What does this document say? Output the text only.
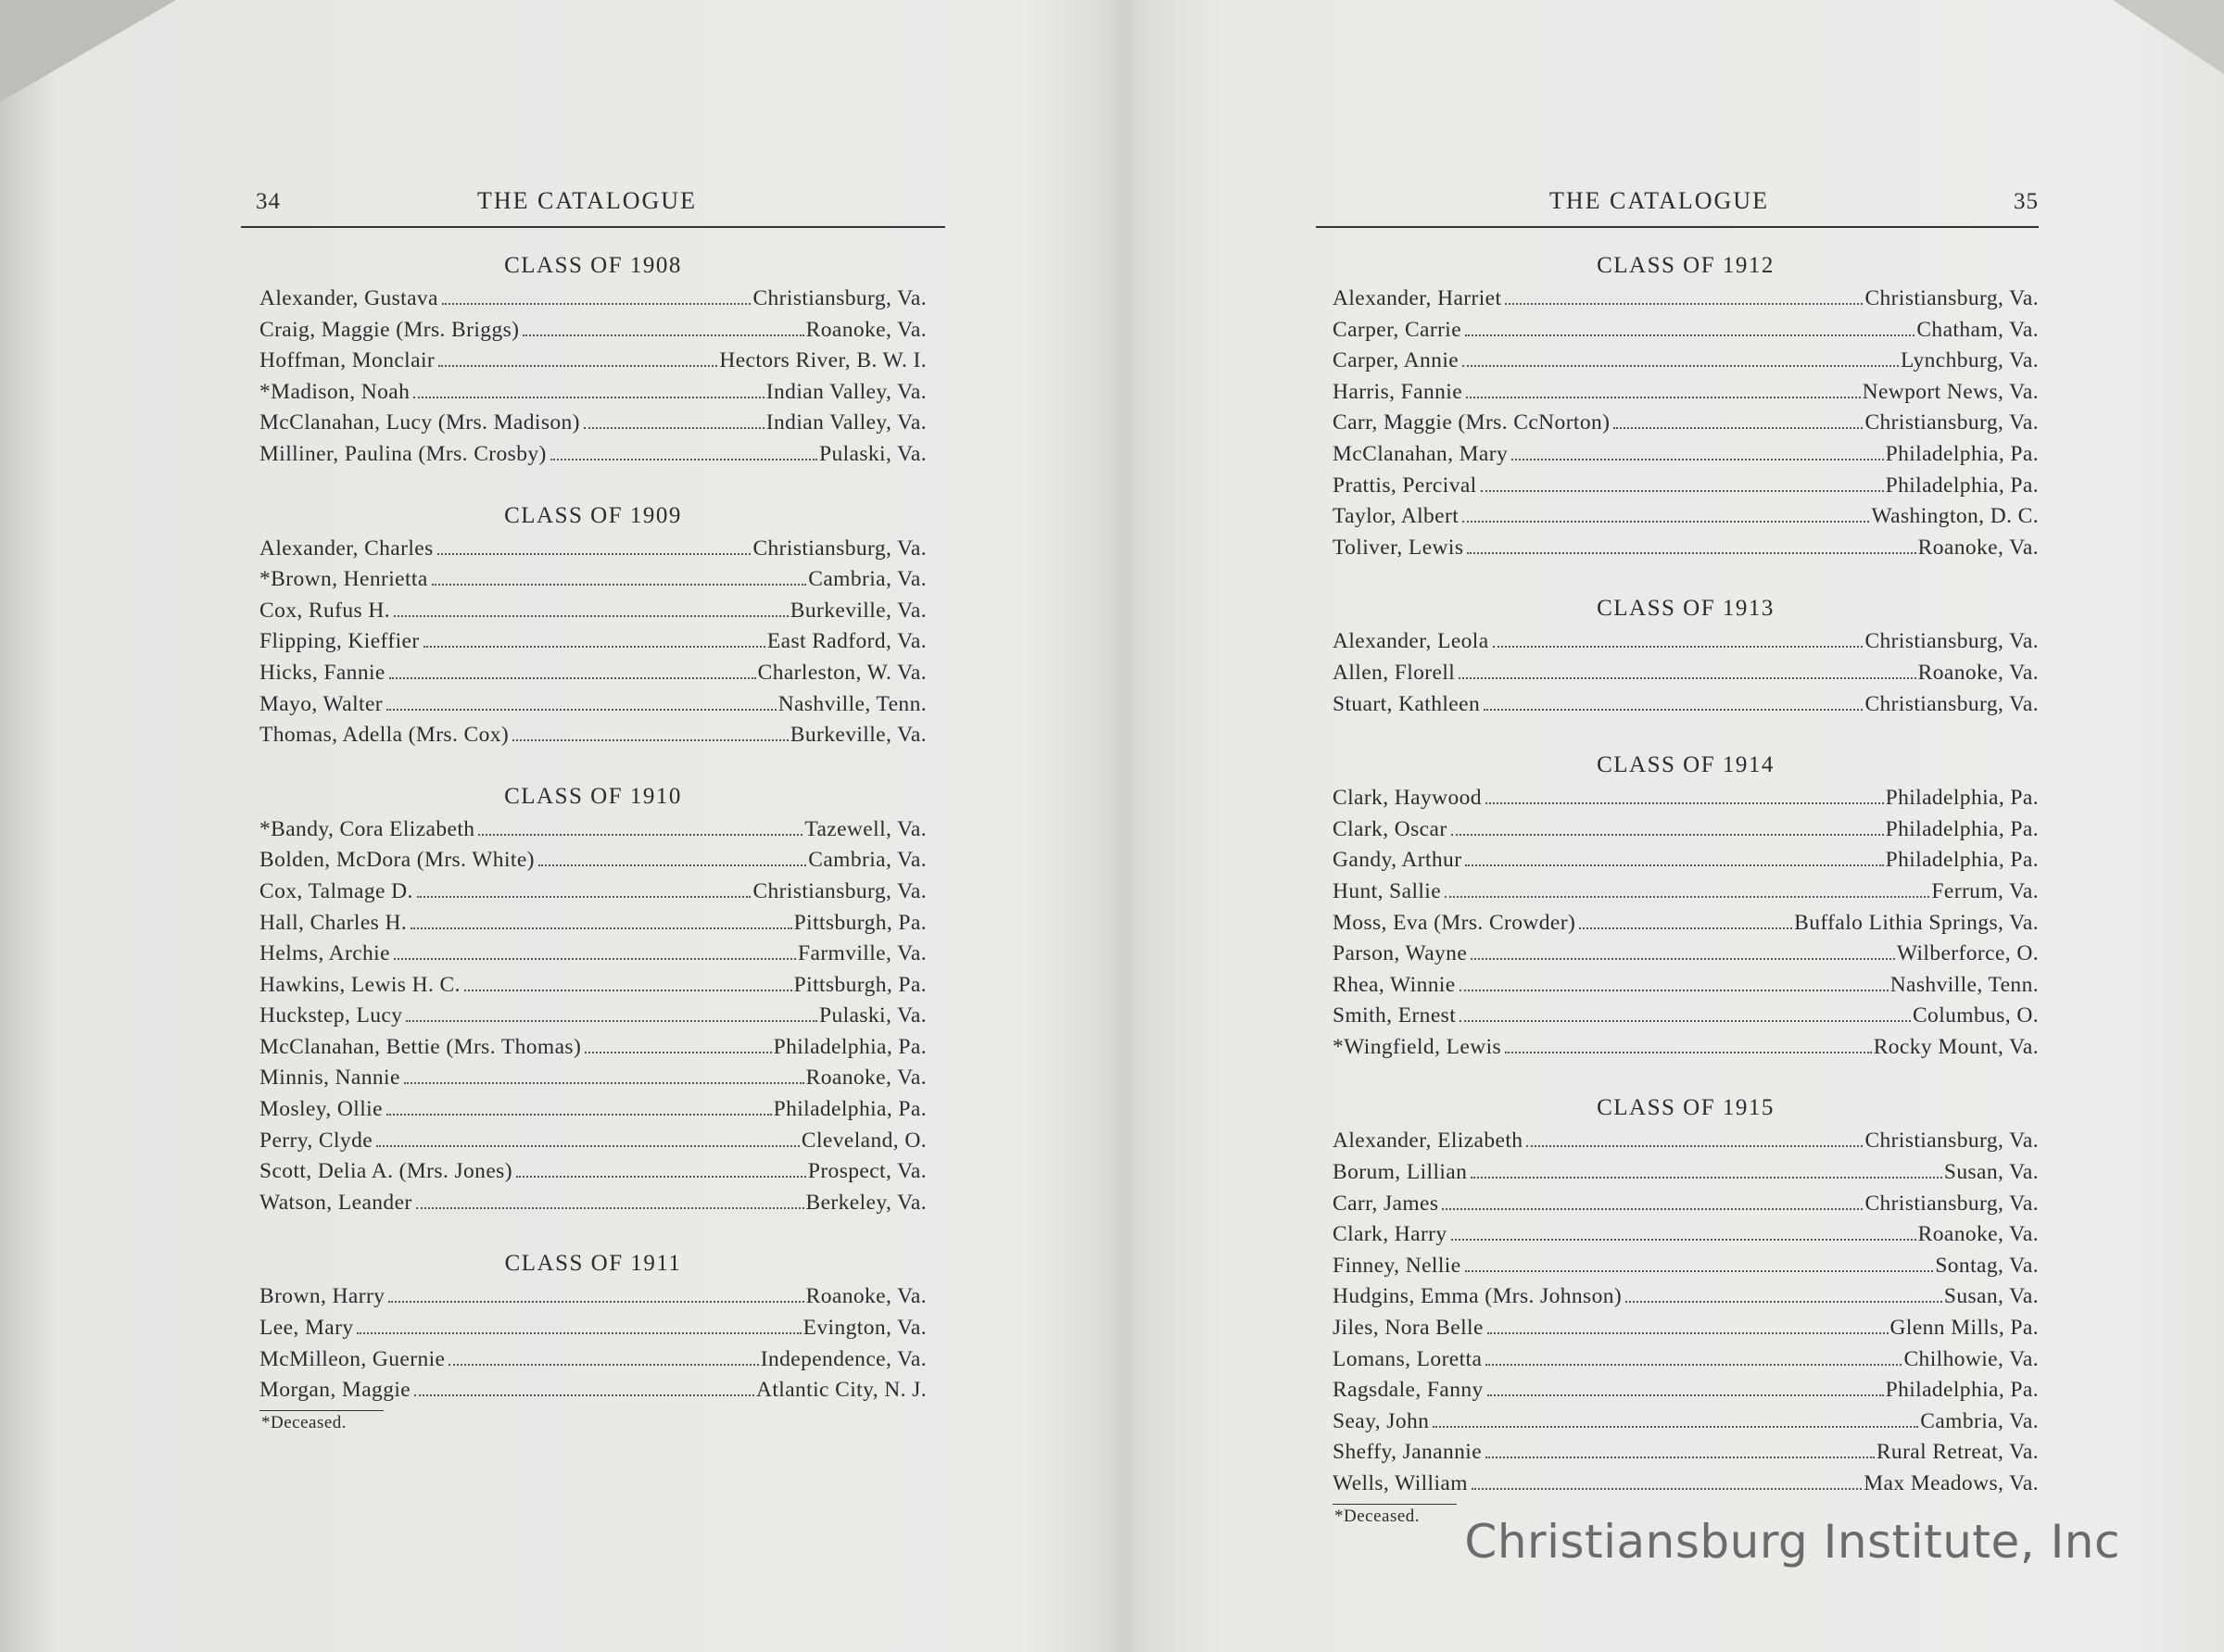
34	THE CATALOGUE
CLASS OF 1908
Alexander, Gustava	Christiansburg, Va.
Craig, Maggie (Mrs. Briggs)	Roanoke, Va.
Hoffman, Monclair	Hectors River, B. W. I.
*Madison, Noah	Indian Valley, Va.
McClanahan, Lucy (Mrs. Madison)	Indian Valley, Va.
Milliner, Paulina (Mrs. Crosby)	Pulaski, Va.
CLASS OF 1909
Alexander, Charles	Christiansburg, Va.
*Brown, Henrietta	Cambria, Va.
Cox, Rufus H.	Burkeville, Va.
Flipping, Kieffier	East Radford, Va.
Hicks, Fannie	Charleston, W. Va.
Mayo, Walter	Nashville, Tenn.
Thomas, Adella (Mrs. Cox)	Burkeville, Va.
CLASS OF 1910
*Bandy, Cora Elizabeth	Tazewell, Va.
Bolden, McDora (Mrs. White)	Cambria, Va.
Cox, Talmage D.	Christiansburg, Va.
Hall, Charles H.	Pittsburgh, Pa.
Helms, Archie	Farmville, Va.
Hawkins, Lewis H. C.	Pittsburgh, Pa.
Huckstep, Lucy	Pulaski, Va.
McClanahan, Bettie (Mrs. Thomas)	Philadelphia, Pa.
Minnis, Nannie	Roanoke, Va.
Mosley, Ollie	Philadelphia, Pa.
Perry, Clyde	Cleveland, O.
Scott, Delia A. (Mrs. Jones)	Prospect, Va.
Watson, Leander	Berkeley, Va.
CLASS OF 1911
Brown, Harry	Roanoke, Va.
Lee, Mary	Evington, Va.
McMilleon, Guernie	Independence, Va.
Morgan, Maggie	Atlantic City, N. J.
*Deceased.
THE CATALOGUE	35
CLASS OF 1912
Alexander, Harriet	Christiansburg, Va.
Carper, Carrie	Chatham, Va.
Carper, Annie	Lynchburg, Va.
Harris, Fannie	Newport News, Va.
Carr, Maggie (Mrs. CcNorton)	Christiansburg, Va.
McClanahan, Mary	Philadelphia, Pa.
Prattis, Percival	Philadelphia, Pa.
Taylor, Albert	Washington, D. C.
Toliver, Lewis	Roanoke, Va.
CLASS OF 1913
Alexander, Leola	Christiansburg, Va.
Allen, Florell	Roanoke, Va.
Stuart, Kathleen	Christiansburg, Va.
CLASS OF 1914
Clark, Haywood	Philadelphia, Pa.
Clark, Oscar	Philadelphia, Pa.
Gandy, Arthur	Philadelphia, Pa.
Hunt, Sallie	Ferrum, Va.
Moss, Eva (Mrs. Crowder)	Buffalo Lithia Springs, Va.
Parson, Wayne	Wilberforce, O.
Rhea, Winnie	Nashville, Tenn.
Smith, Ernest	Columbus, O.
*Wingfield, Lewis	Rocky Mount, Va.
CLASS OF 1915
Alexander, Elizabeth	Christiansburg, Va.
Borum, Lillian	Susan, Va.
Carr, James	Christiansburg, Va.
Clark, Harry	Roanoke, Va.
Finney, Nellie	Sontag, Va.
Hudgins, Emma (Mrs. Johnson)	Susan, Va.
Jiles, Nora Belle	Glenn Mills, Pa.
Lomans, Loretta	Chilhowie, Va.
Ragsdale, Fanny	Philadelphia, Pa.
Seay, John	Cambria, Va.
Sheffy, Janannie	Rural Retreat, Va.
Wells, William	Max Meadows, Va.
*Deceased. Christiansburg Institute, Inc
